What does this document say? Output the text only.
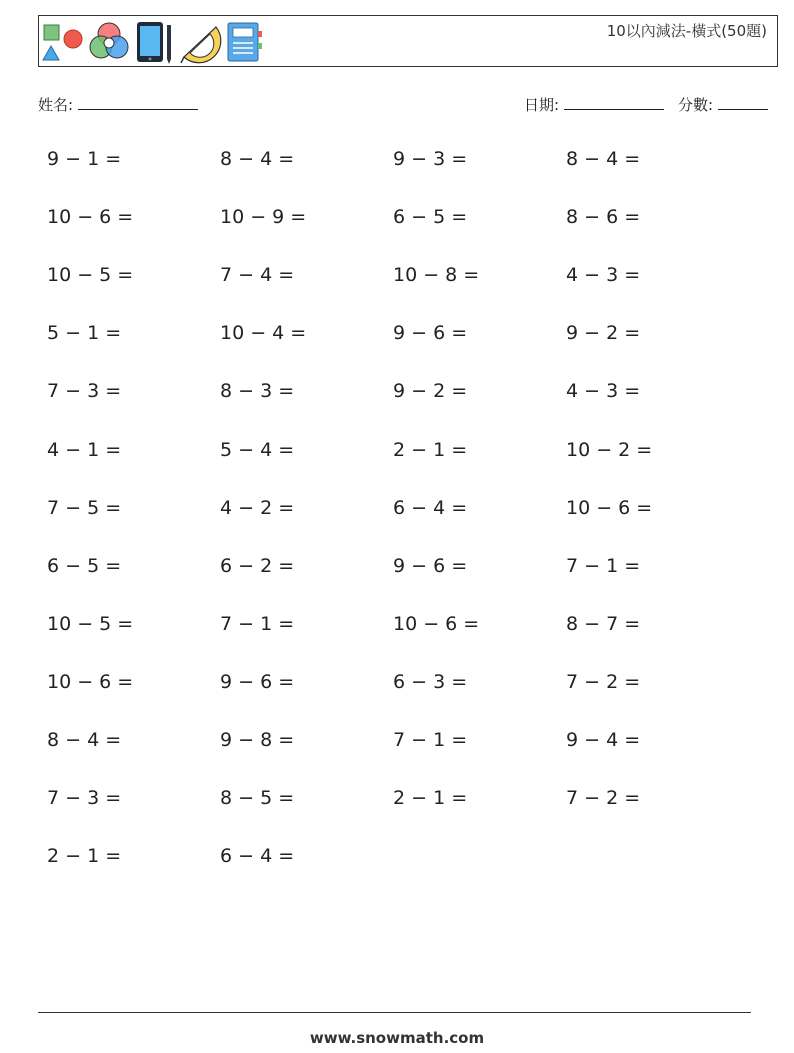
10以內減法-橫式(50題)
姓名:	日期:	分數:
9 − 1 =	8 − 4 =	9 − 3 =	8 − 4 =
10 − 6 =	10 − 9 =	6 − 5 =	8 − 6 =
10 − 5 =	7 − 4 =	10 − 8 =	4 − 3 =
5 − 1 =	10 − 4 =	9 − 6 =	9 − 2 =
7 − 3 =	8 − 3 =	9 − 2 =	4 − 3 =
4 − 1 =	5 − 4 =	2 − 1 =	10 − 2 =
7 − 5 =	4 − 2 =	6 − 4 =	10 − 6 =
6 − 5 =	6 − 2 =	9 − 6 =	7 − 1 =
10 − 5 =	7 − 1 =	10 − 6 =	8 − 7 =
10 − 6 =	9 − 6 =	6 − 3 =	7 − 2 =
8 − 4 =	9 − 8 =	7 − 1 =	9 − 4 =
7 − 3 =	8 − 5 =	2 − 1 =	7 − 2 =
2 − 1 =	6 − 4 =
www.snowmath.com
